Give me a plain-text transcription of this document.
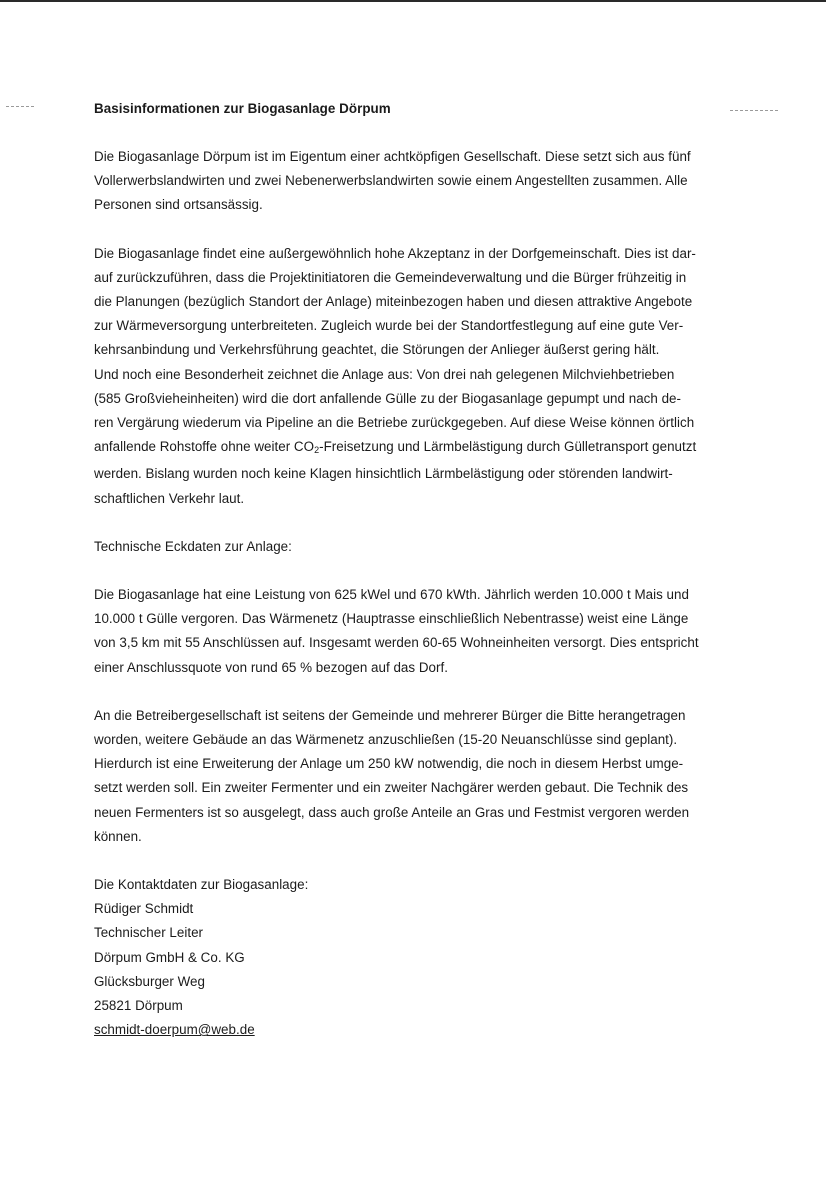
Basisinformationen zur Biogasanlage Dörpum
Die Biogasanlage Dörpum ist im Eigentum einer achtköpfigen Gesellschaft. Diese setzt sich aus fünf
Vollerwerbslandwirten und zwei Nebenerwerbslandwirten sowie einem Angestellten zusammen. Alle
Personen sind ortsansässig.
Die Biogasanlage findet eine außergewöhnlich hohe Akzeptanz in der Dorfgemeinschaft. Dies ist dar-
auf zurückzuführen, dass die Projektinitiatoren die Gemeindeverwaltung und die Bürger frühzeitig in
die Planungen (bezüglich Standort der Anlage) miteinbezogen haben und diesen attraktive Angebote
zur Wärmeversorgung unterbreiteten. Zugleich wurde bei der Standortfestlegung auf eine gute Ver-
kehrsanbindung und Verkehrsführung geachtet, die Störungen der Anlieger äußerst gering hält.
Und noch eine Besonderheit zeichnet die Anlage aus: Von drei nah gelegenen Milchviehbetrieben
(585 Großvieheinheiten) wird die dort anfallende Gülle zu der Biogasanlage gepumpt und nach de-
ren Vergärung wiederum via Pipeline an die Betriebe zurückgegeben. Auf diese Weise können örtlich
anfallende Rohstoffe ohne weiter $CO_2$-Freisetzung und Lärmbelästigung durch Gülletransport genutzt
werden. Bislang wurden noch keine Klagen hinsichtlich Lärmbelästigung oder störenden landwirt-
schaftlichen Verkehr laut.
Technische Eckdaten zur Anlage:
Die Biogasanlage hat eine Leistung von 625 kWel und 670 kWth. Jährlich werden 10.000 t Mais und
10.000 t Gülle vergoren. Das Wärmenetz (Hauptrasse einschließlich Nebentrasse) weist eine Länge
von 3,5 km mit 55 Anschlüssen auf. Insgesamt werden 60-65 Wohneinheiten versorgt. Dies entspricht
einer Anschlussquote von rund 65 % bezogen auf das Dorf.
An die Betreibergesellschaft ist seitens der Gemeinde und mehrerer Bürger die Bitte herangetragen
worden, weitere Gebäude an das Wärmenetz anzuschließen (15-20 Neuanschlüsse sind geplant).
Hierdurch ist eine Erweiterung der Anlage um 250 kW notwendig, die noch in diesem Herbst umge-
setzt werden soll. Ein zweiter Fermenter und ein zweiter Nachgärer werden gebaut. Die Technik des
neuen Fermenters ist so ausgelegt, dass auch große Anteile an Gras und Festmist vergoren werden
können.
Die Kontaktdaten zur Biogasanlage:
Rüdiger Schmidt
Technischer Leiter
Dörpum GmbH & Co. KG
Glücksburger Weg
25821 Dörpum
schmidt-doerpum@web.de
